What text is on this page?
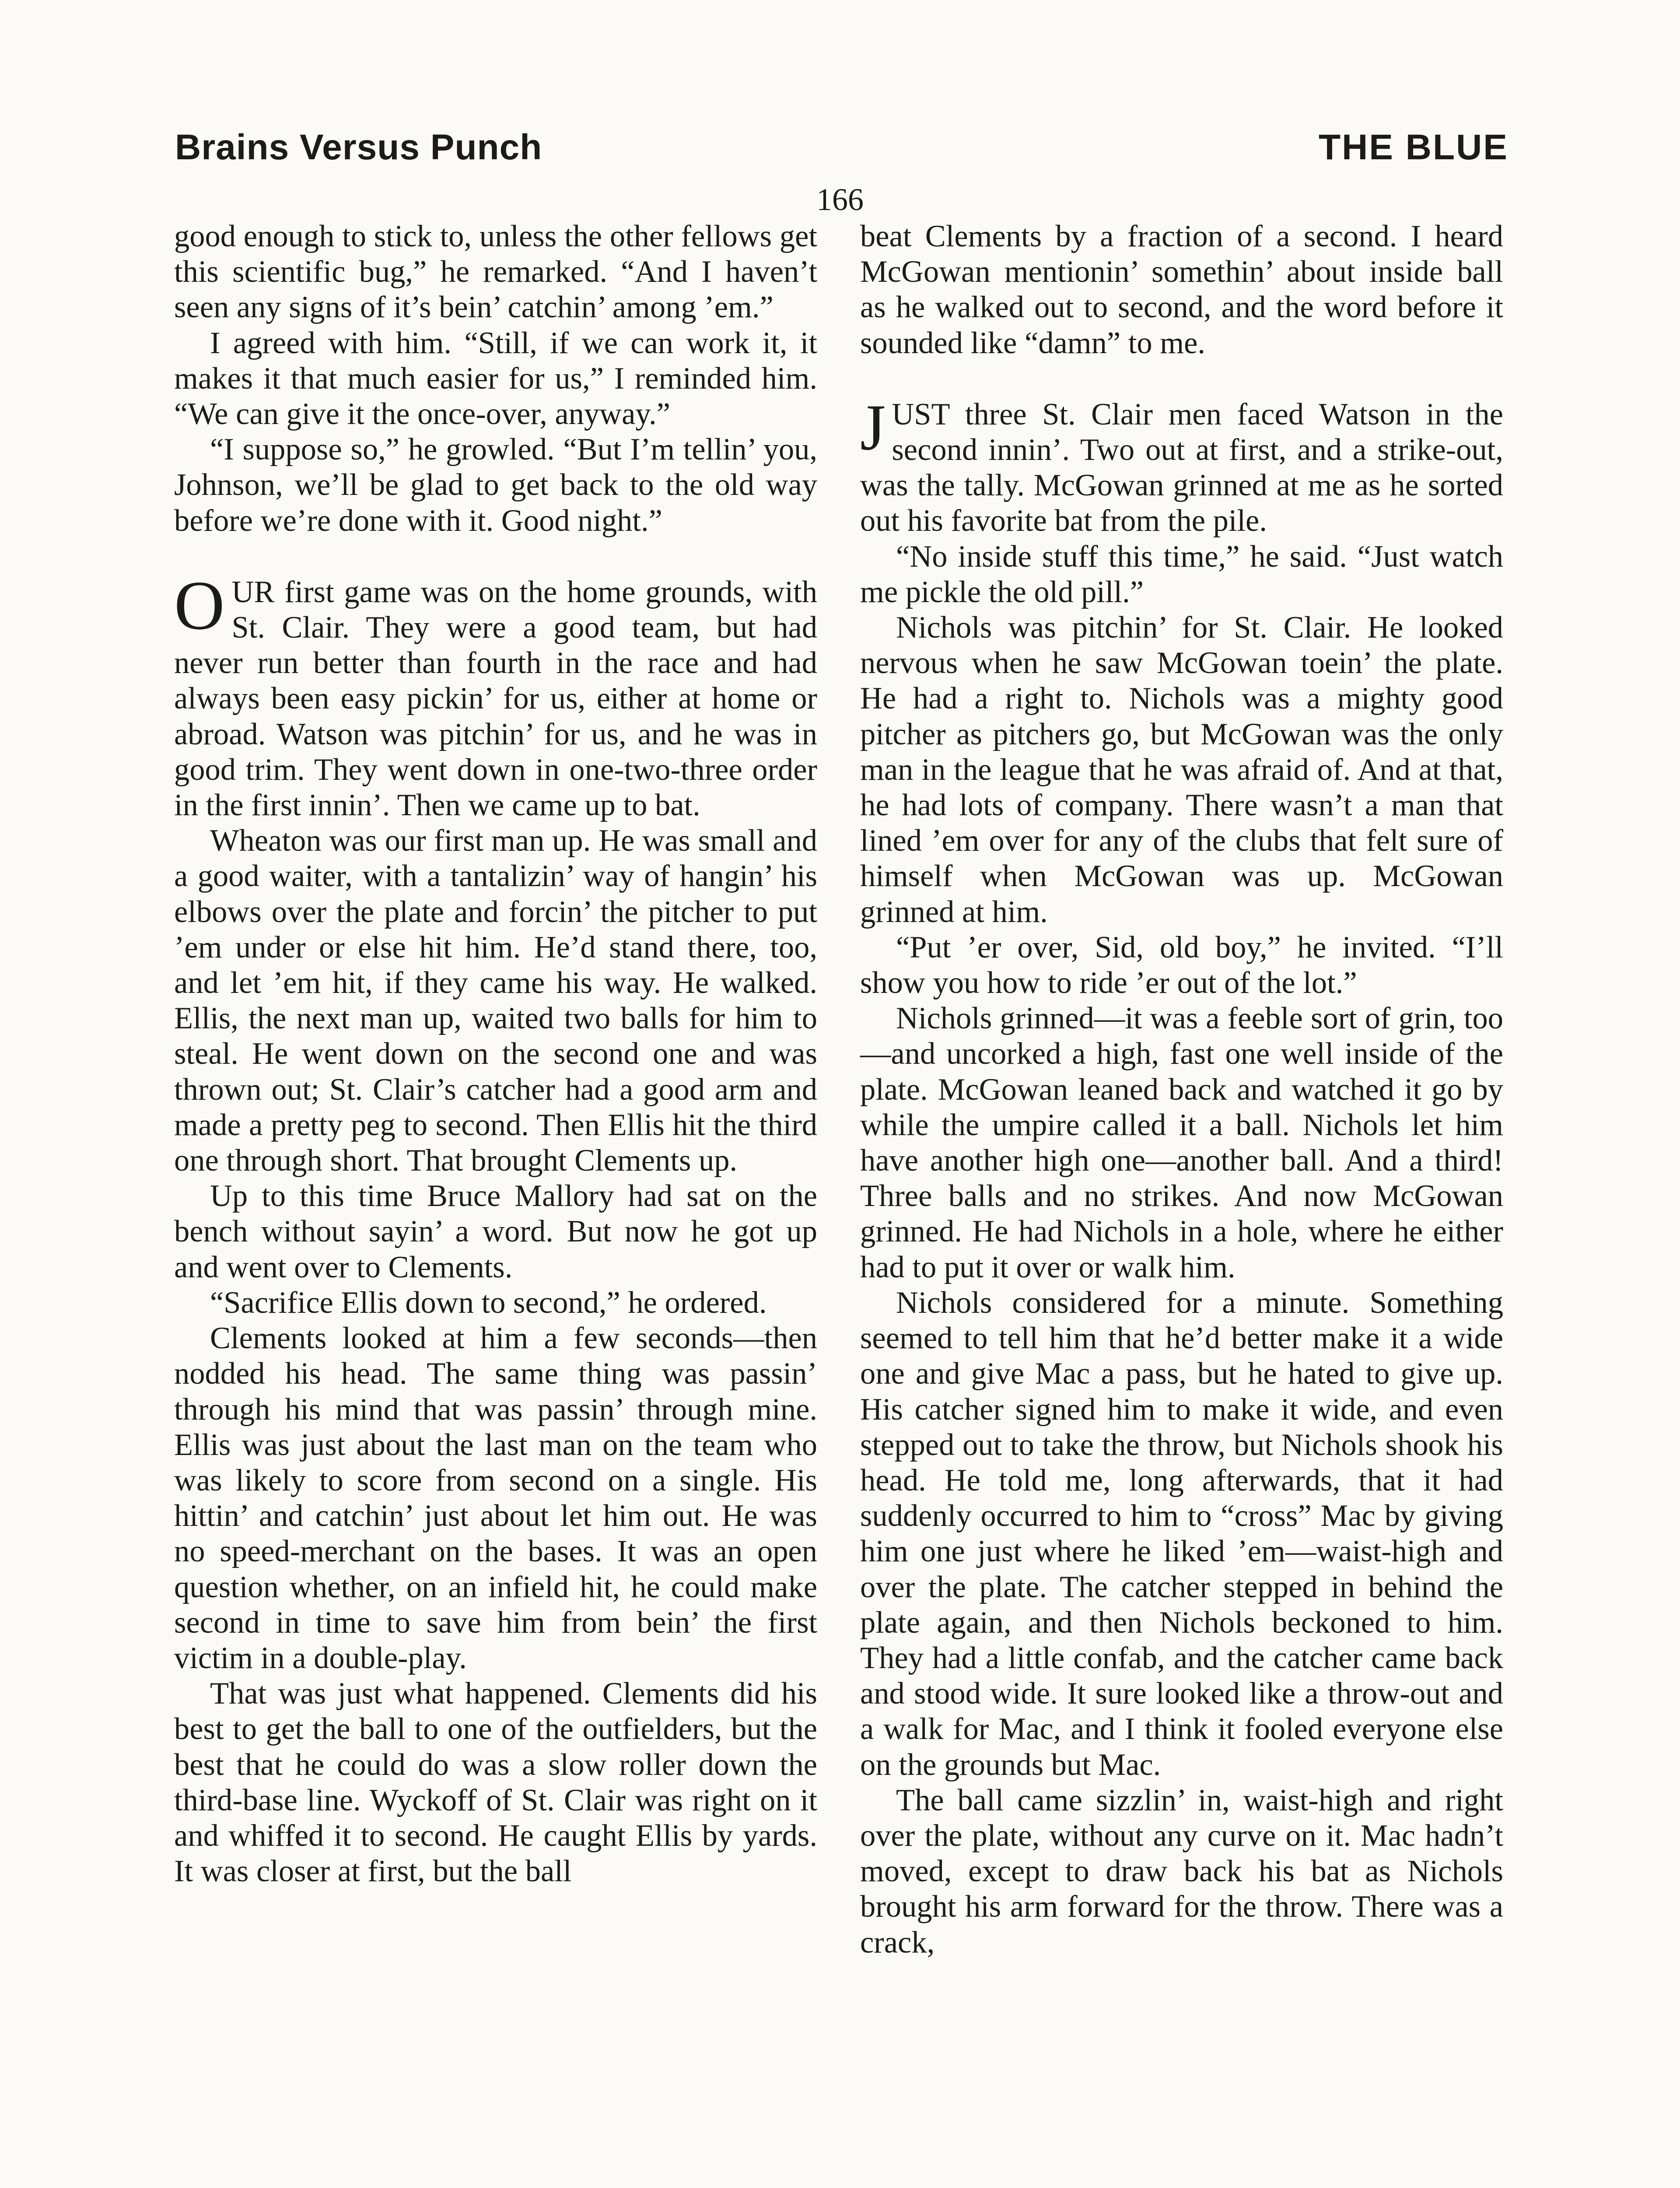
Brains Versus Punch	THE BLUE
166

good enough to stick to, unless the other fellows get this scientific bug,” he remarked. “And I haven’t seen any signs of it’s bein’ catchin’ among ’em.”

I agreed with him. “Still, if we can work it, it makes it that much easier for us,” I reminded him. “We can give it the once-over, anyway.”

“I suppose so,” he growled. “But I’m tellin’ you, Johnson, we’ll be glad to get back to the old way before we’re done with it. Good night.”

OUR first game was on the home grounds, with St. Clair. They were a good team, but had never run better than fourth in the race and had always been easy pickin’ for us, either at home or abroad. Watson was pitchin’ for us, and he was in good trim. They went down in one-two-three order in the first innin’. Then we came up to bat.

Wheaton was our first man up. He was small and a good waiter, with a tantalizin’ way of hangin’ his elbows over the plate and forcin’ the pitcher to put ’em under or else hit him. He’d stand there, too, and let ’em hit, if they came his way. He walked. Ellis, the next man up, waited two balls for him to steal. He went down on the second one and was thrown out; St. Clair’s catcher had a good arm and made a pretty peg to second. Then Ellis hit the third one through short. That brought Clements up.

Up to this time Bruce Mallory had sat on the bench without sayin’ a word. But now he got up and went over to Clements.

“Sacrifice Ellis down to second,” he ordered.

Clements looked at him a few seconds—then nodded his head. The same thing was passin’ through his mind that was passin’ through mine. Ellis was just about the last man on the team who was likely to score from second on a single. His hittin’ and catchin’ just about let him out. He was no speed-merchant on the bases. It was an open question whether, on an infield hit, he could make second in time to save him from bein’ the first victim in a double-play.

That was just what happened. Clements did his best to get the ball to one of the outfielders, but the best that he could do was a slow roller down the third-base line. Wyckoff of St. Clair was right on it and whiffed it to second. He caught Ellis by yards. It was closer at first, but the ball

beat Clements by a fraction of a second. I heard McGowan mentionin’ somethin’ about inside ball as he walked out to second, and the word before it sounded like “damn” to me.

JUST three St. Clair men faced Watson in the second innin’. Two out at first, and a strike-out, was the tally. McGowan grinned at me as he sorted out his favorite bat from the pile.

“No inside stuff this time,” he said. “Just watch me pickle the old pill.”

Nichols was pitchin’ for St. Clair. He looked nervous when he saw McGowan toein’ the plate. He had a right to. Nichols was a mighty good pitcher as pitchers go, but McGowan was the only man in the league that he was afraid of. And at that, he had lots of company. There wasn’t a man that lined ’em over for any of the clubs that felt sure of himself when McGowan was up. McGowan grinned at him.

“Put ’er over, Sid, old boy,” he invited. “I’ll show you how to ride ’er out of the lot.”

Nichols grinned—it was a feeble sort of grin, too—and uncorked a high, fast one well inside of the plate. McGowan leaned back and watched it go by while the umpire called it a ball. Nichols let him have another high one—another ball. And a third! Three balls and no strikes. And now McGowan grinned. He had Nichols in a hole, where he either had to put it over or walk him.

Nichols considered for a minute. Something seemed to tell him that he’d better make it a wide one and give Mac a pass, but he hated to give up. His catcher signed him to make it wide, and even stepped out to take the throw, but Nichols shook his head. He told me, long afterwards, that it had suddenly occurred to him to “cross” Mac by giving him one just where he liked ’em—waist-high and over the plate. The catcher stepped in behind the plate again, and then Nichols beckoned to him. They had a little confab, and the catcher came back and stood wide. It sure looked like a throw-out and a walk for Mac, and I think it fooled everyone else on the grounds but Mac.

The ball came sizzlin’ in, waist-high and right over the plate, without any curve on it. Mac hadn’t moved, except to draw back his bat as Nichols brought his arm forward for the throw. There was a crack,
